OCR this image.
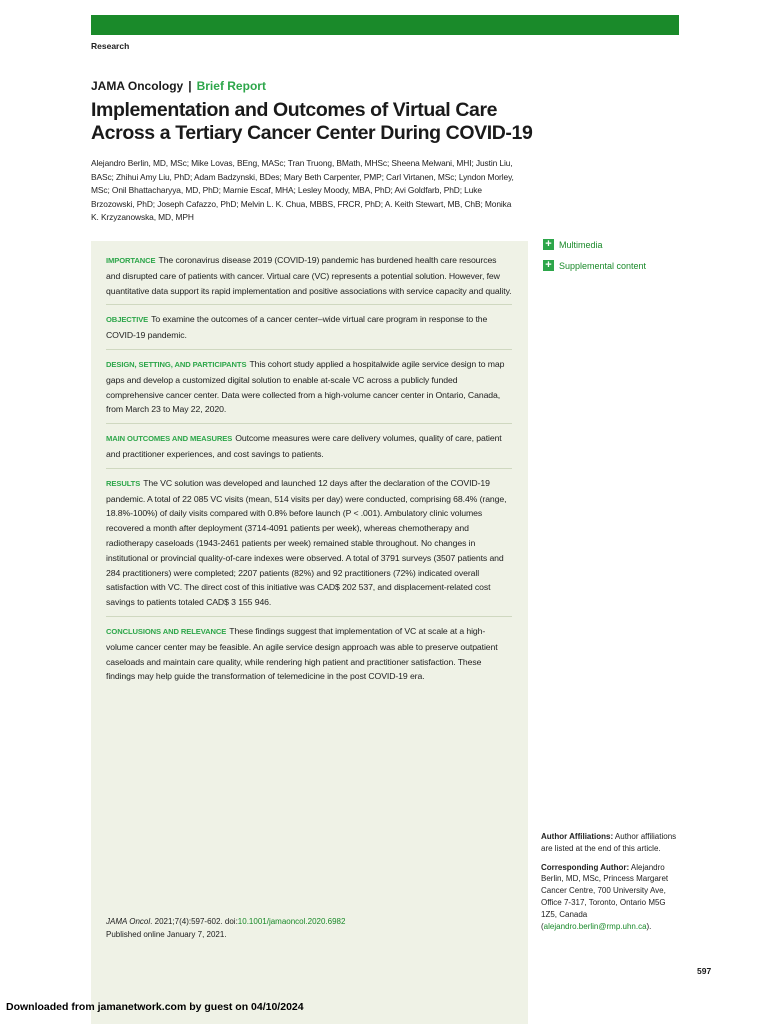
Research
JAMA Oncology | Brief Report
Implementation and Outcomes of Virtual Care Across a Tertiary Cancer Center During COVID-19

Alejandro Berlin, MD, MSc; Mike Lovas, BEng, MASc; Tran Truong, BMath, MHSc; Sheena Melwani, MHI; Justin Liu, BASc; Zhihui Amy Liu, PhD; Adam Badzynski, BDes; Mary Beth Carpenter, PMP; Carl Virtanen, MSc; Lyndon Morley, MSc; Onil Bhattacharyya, MD, PhD; Marnie Escaf, MHA; Lesley Moody, MBA, PhD; Avi Goldfarb, PhD; Luke Brzozowski, PhD; Joseph Cafazzo, PhD; Melvin L. K. Chua, MBBS, FRCR, PhD; A. Keith Stewart, MB, ChB; Monika K. Krzyzanowska, MD, MPH

+ Multimedia
+ Supplemental content

IMPORTANCE The coronavirus disease 2019 (COVID-19) pandemic has burdened health care resources and disrupted care of patients with cancer. Virtual care (VC) represents a potential solution. However, few quantitative data support its rapid implementation and positive associations with service capacity and quality.

OBJECTIVE To examine the outcomes of a cancer center–wide virtual care program in response to the COVID-19 pandemic.

DESIGN, SETTING, AND PARTICIPANTS This cohort study applied a hospitalwide agile service design to map gaps and develop a customized digital solution to enable at-scale VC across a publicly funded comprehensive cancer center. Data were collected from a high-volume cancer center in Ontario, Canada, from March 23 to May 22, 2020.

MAIN OUTCOMES AND MEASURES Outcome measures were care delivery volumes, quality of care, patient and practitioner experiences, and cost savings to patients.

RESULTS The VC solution was developed and launched 12 days after the declaration of the COVID-19 pandemic. A total of 22 085 VC visits (mean, 514 visits per day) were conducted, comprising 68.4% (range, 18.8%-100%) of daily visits compared with 0.8% before launch (P < .001). Ambulatory clinic volumes recovered a month after deployment (3714-4091 patients per week), whereas chemotherapy and radiotherapy caseloads (1943-2461 patients per week) remained stable throughout. No changes in institutional or provincial quality-of-care indexes were observed. A total of 3791 surveys (3507 patients and 284 practitioners) were completed; 2207 patients (82%) and 92 practitioners (72%) indicated overall satisfaction with VC. The direct cost of this initiative was CAD$ 202 537, and displacement-related cost savings to patients totaled CAD$ 3 155 946.

CONCLUSIONS AND RELEVANCE These findings suggest that implementation of VC at scale at a high-volume cancer center may be feasible. An agile service design approach was able to preserve outpatient caseloads and maintain care quality, while rendering high patient and practitioner satisfaction. These findings may help guide the transformation of telemedicine in the post COVID-19 era.

JAMA Oncol. 2021;7(4):597-602. doi:10.1001/jamaoncol.2020.6982
Published online January 7, 2021.

Author Affiliations: Author affiliations are listed at the end of this article.

Corresponding Author: Alejandro Berlin, MD, MSc, Princess Margaret Cancer Centre, 700 University Ave, Office 7-317, Toronto, Ontario M5G 1Z5, Canada (alejandro.berlin@rmp.uhn.ca).

597
Downloaded from jamanetwork.com by guest on 04/10/2024
